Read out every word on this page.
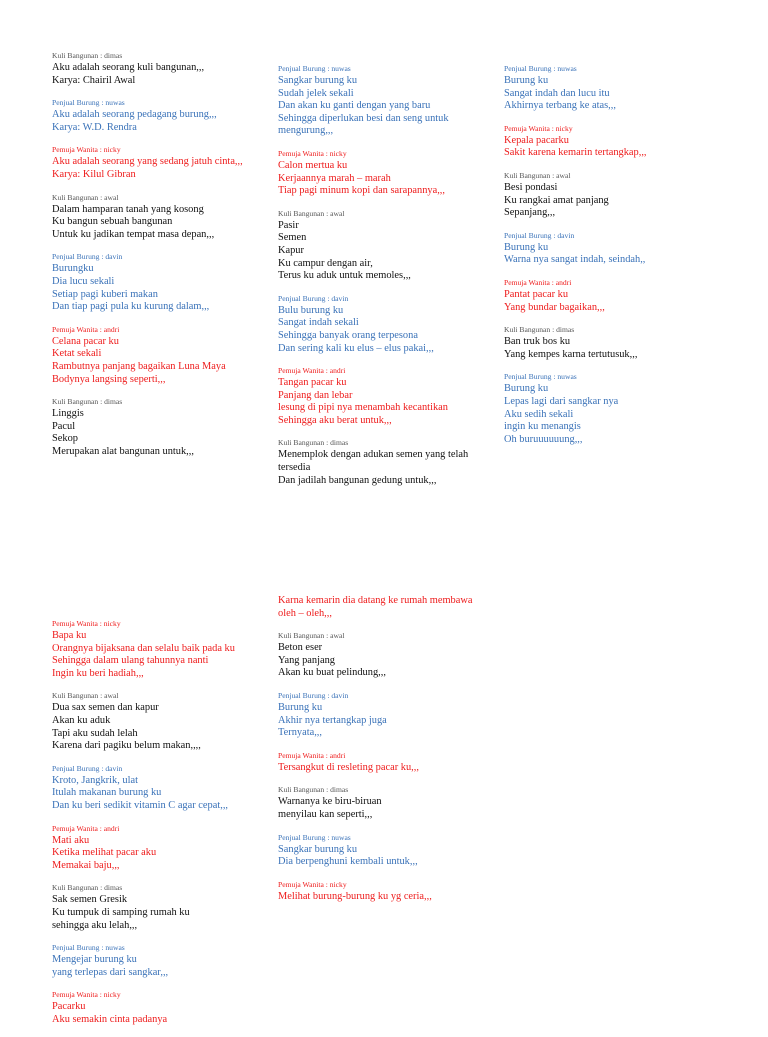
Kuli Bangunan : dimas
Aku adalah seorang kuli bangunan,,,
Karya: Chairil Awal
Penjual Burung : nuwas
Aku adalah seorang pedagang burung,,,
Karya: W.D. Rendra
Pemuja Wanita : nicky
Aku adalah seorang yang sedang jatuh cinta,,,
Karya: Kilul Gibran
Kuli Bangunan : awal
Dalam hamparan tanah yang kosong
Ku bangun sebuah bangunan
Untuk ku jadikan tempat masa depan,,,
Penjual Burung : davin
Burungku
Dia lucu sekali
Setiap pagi kuberi makan
Dan tiap pagi pula ku kurung dalam,,,
Pemuja Wanita : andri
Celana pacar ku
Ketat sekali
Rambutnya panjang bagaikan Luna Maya
Bodynya langsing seperti,,,
Kuli Bangunan : dimas
Linggis
Pacul
Sekop
Merupakan alat bangunan untuk,,,
Penjual Burung : nuwas
Sangkar burung ku
Sudah jelek sekali
Dan akan ku ganti dengan yang baru
Sehingga diperlukan besi dan seng untuk mengurung,,,
Pemuja Wanita : nicky
Calon mertua ku
Kerjaannya marah – marah
Tiap pagi minum kopi dan sarapannya,,,
Kuli Bangunan : awal
Pasir
Semen
Kapur
Ku campur dengan air,
Terus ku aduk untuk memoles,,,
Penjual Burung : davin
Bulu burung ku
Sangat indah sekali
Sehingga banyak orang terpesona
Dan sering kali ku elus – elus pakai,,,
Pemuja Wanita : andri
Tangan pacar ku
Panjang dan lebar
lesung di pipi nya menambah kecantikan
Sehingga aku berat untuk,,,
Kuli Bangunan : dimas
Menemplok dengan adukan semen yang telah tersedia
Dan jadilah bangunan gedung untuk,,,
Penjual Burung : nuwas
Burung ku
Sangat indah dan lucu itu
Akhirnya terbang ke atas,,,
Pemuja Wanita : nicky
Kepala pacarku
Sakit karena kemarin tertangkap,,,
Kuli Bangunan : awal
Besi pondasi
Ku rangkai amat panjang
Sepanjang,,,
Penjual Burung : davin
Burung ku
Warna nya sangat indah, seindah,,
Pemuja Wanita : andri
Pantat pacar ku
Yang bundar bagaikan,,,
Kuli Bangunan : dimas
Ban truk bos ku
Yang kempes karna tertutusuk,,,
Penjual Burung : nuwas
Burung ku
Lepas lagi dari sangkar nya
Aku sedih sekali
ingin ku menangis
Oh buruuuuuung,,,
Pemuja Wanita : nicky
Bapa ku
Orangnya bijaksana dan selalu baik pada ku
Sehingga dalam ulang tahunnya nanti
Ingin ku beri hadiah,,,
Kuli Bangunan : awal
Dua sax semen dan kapur
Akan ku aduk
Tapi aku sudah lelah
Karena dari pagiku belum makan,,,,
Penjual Burung : davin
Kroto, Jangkrik, ulat
Itulah makanan burung ku
Dan ku beri sedikit vitamin C agar cepat,,,
Pemuja Wanita : andri
Mati aku
Ketika melihat pacar aku
Memakai baju,,,
Kuli Bangunan : dimas
Sak semen Gresik
Ku tumpuk di samping rumah ku
sehingga aku lelah,,,
Penjual Burung : nuwas
Mengejar burung ku
yang terlepas dari sangkar,,,
Pemuja Wanita : nicky
Pacarku
Aku semakin cinta padanya
Karna kemarin dia datang ke rumah membawa oleh – oleh,,,
Kuli Bangunan : awal
Beton eser
Yang panjang
Akan ku buat pelindung,,,
Penjual Burung : davin
Burung ku
Akhir nya tertangkap juga
Ternyata,,,
Pemuja Wanita : andri
Tersangkut di resleting pacar ku,,,
Kuli Bangunan : dimas
Warnanya ke biru-biruan
menyilau kan seperti,,,
Penjual Burung : nuwas
Sangkar burung ku
Dia berpenghuni kembali untuk,,,
Pemuja Wanita : nicky
Melihat burung-burung ku yg ceria,,,
